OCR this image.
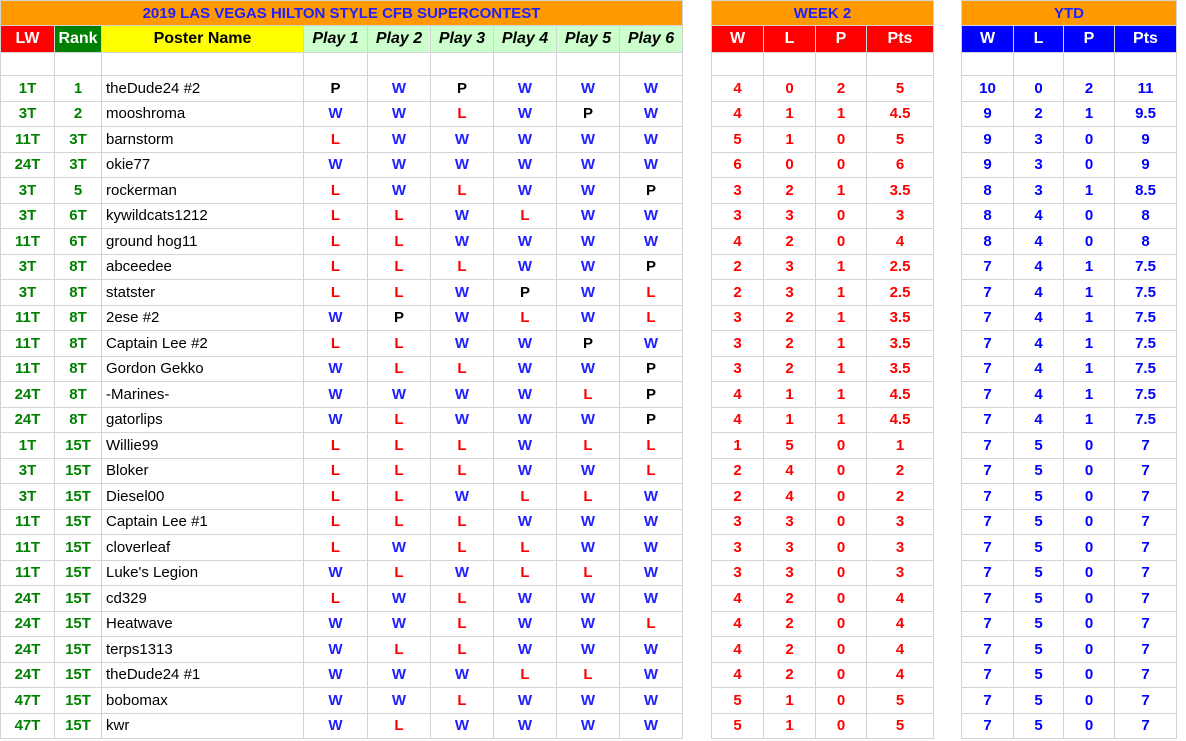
2019 LAS VEGAS HILTON STYLE CFB SUPERCONTEST										WEEK 2					YTD			
LW	Rank	Poster Name	Play 1	Play 2	Play 3	Play 4	Play 5	Play 6		W	L	P	Pts		W	L	P	Pts

1T	1	theDude24 #2	P	W	P	W	W	W		4	0	2	5		10	0	2	11
3T	2	mooshroma	W	W	L	W	P	W		4	1	1	4.5		9	2	1	9.5
11T	3T	barnstorm	L	W	W	W	W	W		5	1	0	5		9	3	0	9
24T	3T	okie77	W	W	W	W	W	W		6	0	0	6		9	3	0	9
3T	5	rockerman	L	W	L	W	W	P		3	2	1	3.5		8	3	1	8.5
3T	6T	kywildcats1212	L	L	W	L	W	W		3	3	0	3		8	4	0	8
11T	6T	ground hog11	L	L	W	W	W	W		4	2	0	4		8	4	0	8
3T	8T	abceedee	L	L	L	W	W	P		2	3	1	2.5		7	4	1	7.5
3T	8T	statster	L	L	W	P	W	L		2	3	1	2.5		7	4	1	7.5
11T	8T	2ese #2	W	P	W	L	W	L		3	2	1	3.5		7	4	1	7.5
11T	8T	Captain Lee #2	L	L	W	W	P	W		3	2	1	3.5		7	4	1	7.5
11T	8T	Gordon Gekko	W	L	L	W	W	P		3	2	1	3.5		7	4	1	7.5
24T	8T	-Marines-	W	W	W	W	L	P		4	1	1	4.5		7	4	1	7.5
24T	8T	gatorlips	W	L	W	W	W	P		4	1	1	4.5		7	4	1	7.5
1T	15T	Willie99	L	L	L	W	L	L		1	5	0	1		7	5	0	7
3T	15T	Bloker	L	L	L	W	W	L		2	4	0	2		7	5	0	7
3T	15T	Diesel00	L	L	W	L	L	W		2	4	0	2		7	5	0	7
11T	15T	Captain Lee #1	L	L	L	W	W	W		3	3	0	3		7	5	0	7
11T	15T	cloverleaf	L	W	L	L	W	W		3	3	0	3		7	5	0	7
11T	15T	Luke's Legion	W	L	W	L	L	W		3	3	0	3		7	5	0	7
24T	15T	cd329	L	W	L	W	W	W		4	2	0	4		7	5	0	7
24T	15T	Heatwave	W	W	L	W	W	L		4	2	0	4		7	5	0	7
24T	15T	terps1313	W	L	L	W	W	W		4	2	0	4		7	5	0	7
24T	15T	theDude24 #1	W	W	W	L	L	W		4	2	0	4		7	5	0	7
47T	15T	bobomax	W	W	L	W	W	W		5	1	0	5		7	5	0	7
47T	15T	kwr	W	L	W	W	W	W		5	1	0	5		7	5	0	7
